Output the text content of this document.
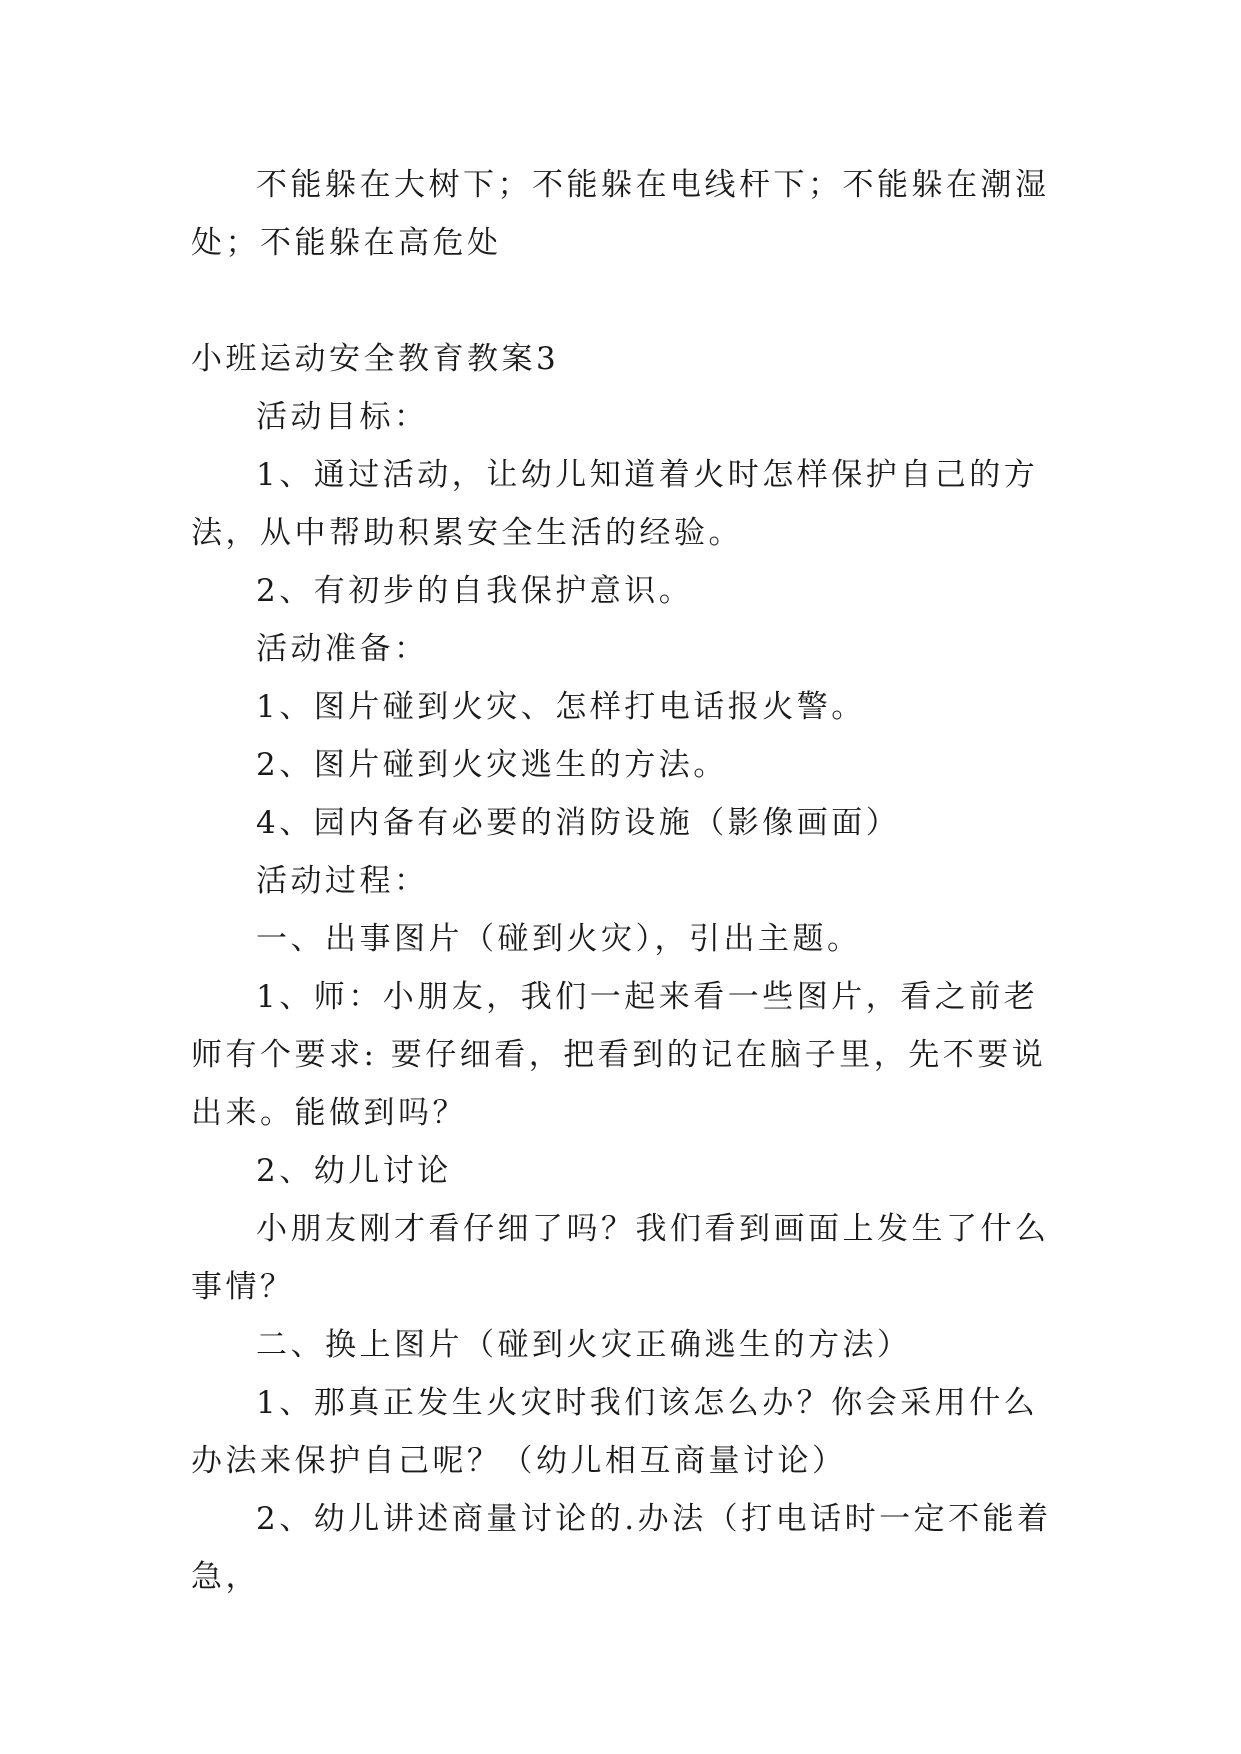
不能躲在大树下；不能躲在电线杆下；不能躲在潮湿处；不能躲在高危处

小班运动安全教育教案3

活动目标：

1、通过活动，让幼儿知道着火时怎样保护自己的方法，从中帮助积累安全生活的经验。

2、有初步的自我保护意识。

活动准备：

1、图片碰到火灾、怎样打电话报火警。

2、图片碰到火灾逃生的方法。

4、园内备有必要的消防设施（影像画面）

活动过程：

一、出事图片（碰到火灾），引出主题。

1、师：小朋友，我们一起来看一些图片，看之前老师有个要求: 要仔细看，把看到的记在脑子里，先不要说出来。能做到吗？

2、幼儿讨论

小朋友刚才看仔细了吗？我们看到画面上发生了什么事情？

二、换上图片（碰到火灾正确逃生的方法）

1、那真正发生火灾时我们该怎么办？你会采用什么办法来保护自己呢？（幼儿相互商量讨论）

2、幼儿讲述商量讨论的.办法（打电话时一定不能着急，
